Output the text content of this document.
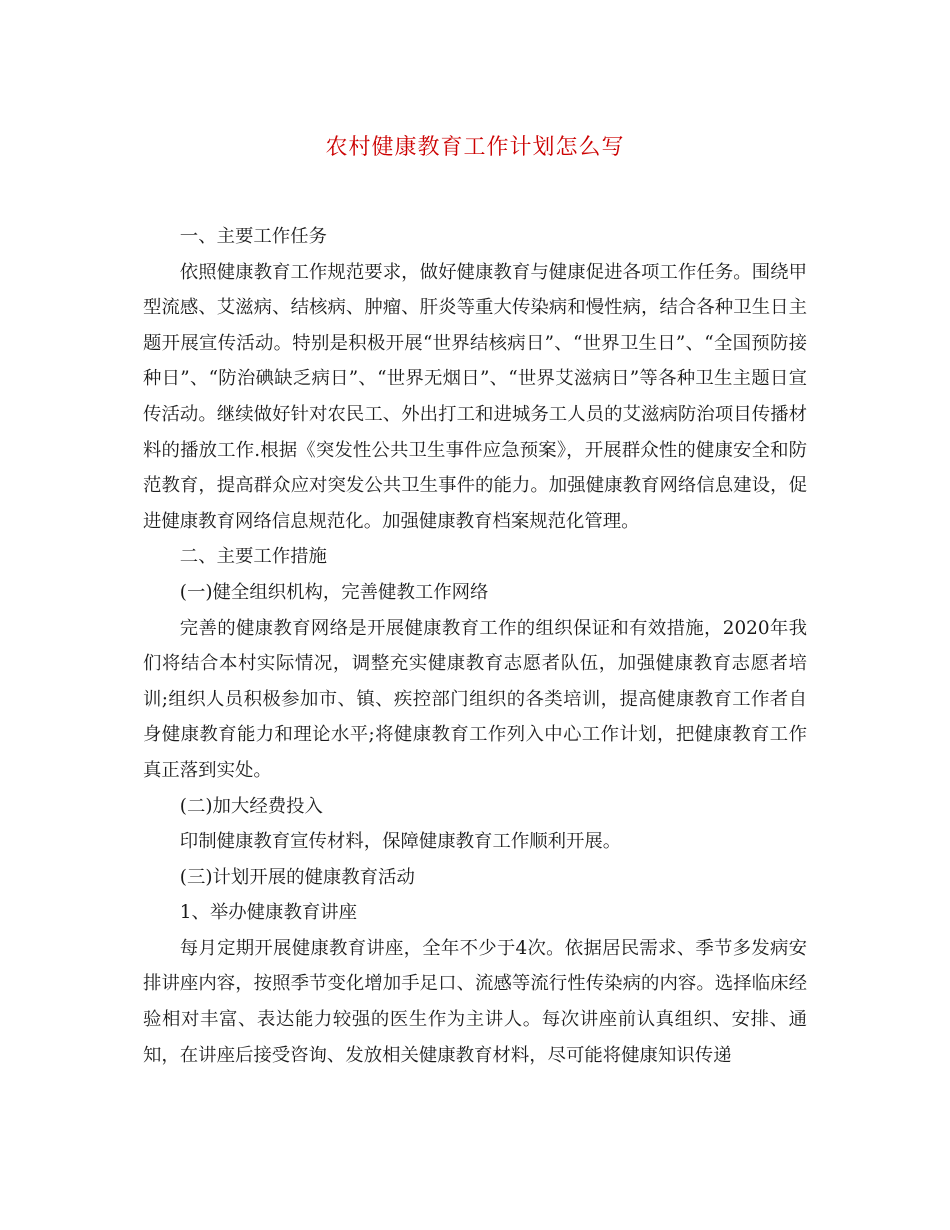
农村健康教育工作计划怎么写

一、主要工作任务

依照健康教育工作规范要求，做好健康教育与健康促进各项工作任务。围绕甲型流感、艾滋病、结核病、肿瘤、肝炎等重大传染病和慢性病，结合各种卫生日主题开展宣传活动。特别是积极开展“世界结核病日”、“世界卫生日”、“全国预防接种日”、“防治碘缺乏病日”、“世界无烟日”、“世界艾滋病日”等各种卫生主题日宣传活动。继续做好针对农民工、外出打工和进城务工人员的艾滋病防治项目传播材料的播放工作.根据《突发性公共卫生事件应急预案》，开展群众性的健康安全和防范教育，提高群众应对突发公共卫生事件的能力。加强健康教育网络信息建设，促进健康教育网络信息规范化。加强健康教育档案规范化管理。

二、主要工作措施

(一)健全组织机构，完善健教工作网络

完善的健康教育网络是开展健康教育工作的组织保证和有效措施，2020年我们将结合本村实际情况，调整充实健康教育志愿者队伍，加强健康教育志愿者培训;组织人员积极参加市、镇、疾控部门组织的各类培训，提高健康教育工作者自身健康教育能力和理论水平;将健康教育工作列入中心工作计划，把健康教育工作真正落到实处。

(二)加大经费投入

印制健康教育宣传材料，保障健康教育工作顺利开展。

(三)计划开展的健康教育活动

1、举办健康教育讲座

每月定期开展健康教育讲座，全年不少于4次。依据居民需求、季节多发病安排讲座内容，按照季节变化增加手足口、流感等流行性传染病的内容。选择临床经验相对丰富、表达能力较强的医生作为主讲人。每次讲座前认真组织、安排、通知，在讲座后接受咨询、发放相关健康教育材料，尽可能将健康知识传递
